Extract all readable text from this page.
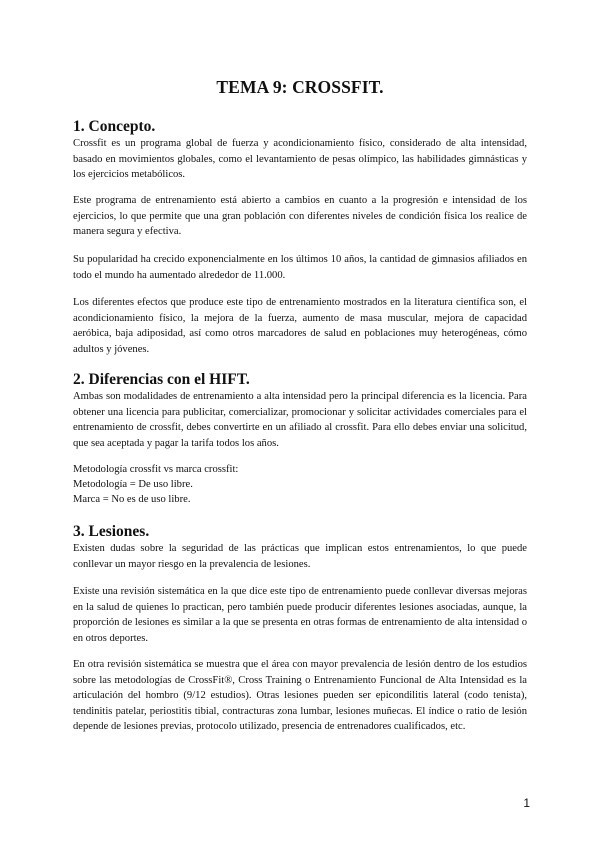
TEMA 9: CROSSFIT.
1. Concepto.

Crossfit es un programa global de fuerza y acondicionamiento físico, considerado de alta intensidad, basado en movimientos globales, como el levantamiento de pesas olímpico, las habilidades gimnásticas y los ejercicios metabólicos.

Este programa de entrenamiento está abierto a cambios en cuanto a la progresión e intensidad de los ejercicios, lo que permite que una gran población con diferentes niveles de condición física los realice de manera segura y efectiva.

Su popularidad ha crecido exponencialmente en los últimos 10 años, la cantidad de gimnasios afiliados en todo el mundo ha aumentado alrededor de 11.000.

Los diferentes efectos que produce este tipo de entrenamiento mostrados en la literatura científica son, el acondicionamiento físico, la mejora de la fuerza, aumento de masa muscular, mejora de capacidad aeróbica, baja adiposidad, así como otros marcadores de salud en poblaciones muy heterogéneas, cómo adultos y jóvenes.

2. Diferencias con el HIFT.

Ambas son modalidades de entrenamiento a alta intensidad pero la principal diferencia es la licencia. Para obtener una licencia para publicitar, comercializar, promocionar y solicitar actividades comerciales para el entrenamiento de crossfit, debes convertirte en un afiliado al crossfit. Para ello debes enviar una solicitud, que sea aceptada y pagar la tarifa todos los años.

Metodología crossfit vs marca crossfit:

Metodología = De uso libre.

Marca = No es de uso libre.

3. Lesiones.

Existen dudas sobre la seguridad de las prácticas que implican estos entrenamientos, lo que puede conllevar un mayor riesgo en la prevalencia de lesiones.

Existe una revisión sistemática en la que dice este tipo de entrenamiento puede conllevar diversas mejoras en la salud de quienes lo practican, pero también puede producir diferentes lesiones asociadas, aunque, la proporción de lesiones es similar a la que se presenta en otras formas de entrenamiento de alta intensidad o en otros deportes.

En otra revisión sistemática se muestra que el área con mayor prevalencia de lesión dentro de los estudios sobre las metodologías de CrossFit®, Cross Training o Entrenamiento Funcional de Alta Intensidad es la articulación del hombro (9/12 estudios). Otras lesiones pueden ser epicondilitis lateral (codo tenista), tendinitis patelar, periostitis tibial, contracturas zona lumbar, lesiones muñecas. El índice o ratio de lesión depende de lesiones previas, protocolo utilizado, presencia de entrenadores cualificados, etc.

1
